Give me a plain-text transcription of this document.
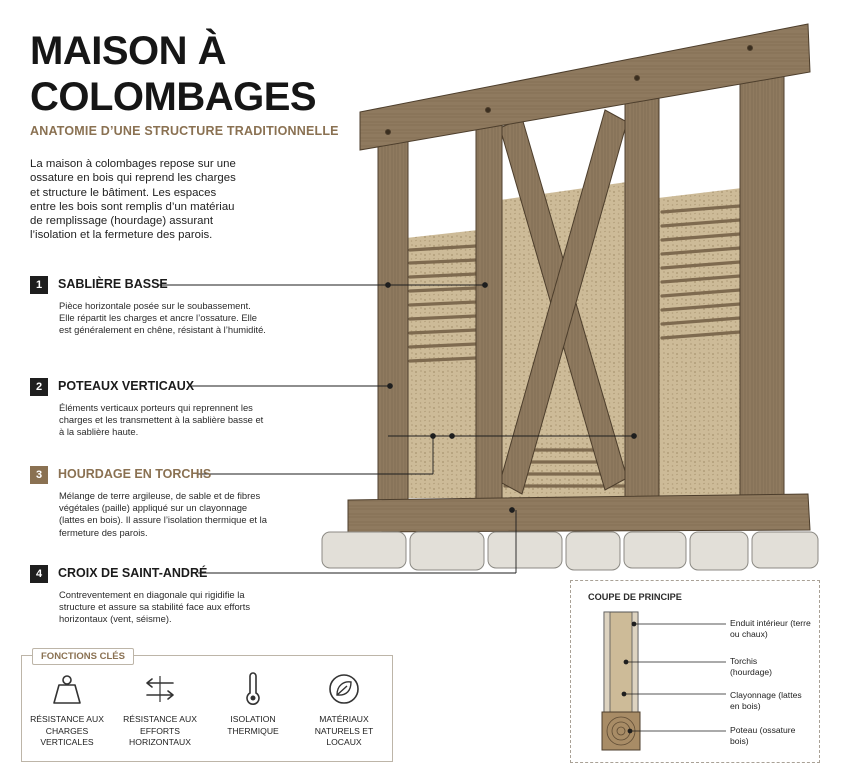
MAISON À
COLOMBAGES
ANATOMIE D’UNE STRUCTURE TRADITIONNELLE
La maison à colombages repose sur une ossature en bois qui reprend les charges et structure le bâtiment. Les espaces entre les bois sont remplis d’un matériau de remplissage (hourdage) assurant l’isolation et la fermeture des parois.
1	SABLIÈRE BASSE
Pièce horizontale posée sur le soubassement. Elle répartit les charges et ancre l’ossature. Elle est généralement en chêne, résistant à l’humidité.
2	POTEAUX VERTICAUX
Éléments verticaux porteurs qui reprennent les charges et les transmettent à la sablière basse et à la sablière haute.
3	HOURDAGE EN TORCHIS
Mélange de terre argileuse, de sable et de fibres végétales (paille) appliqué sur un clayonnage (lattes en bois). Il assure l’isolation thermique et la fermeture des parois.
4	CROIX DE SAINT-ANDRÉ
Contreventement en diagonale qui rigidifie la structure et assure sa stabilité face aux efforts horizontaux (vent, séisme).
FONCTIONS CLÉS
RÉSISTANCE AUX CHARGES VERTICALES
RÉSISTANCE AUX EFFORTS HORIZONTAUX
ISOLATION THERMIQUE
MATÉRIAUX NATURELS ET LOCAUX
COUPE DE PRINCIPE
Enduit intérieur (terre ou chaux)
Torchis (hourdage)
Clayonnage (lattes en bois)
Poteau (ossature bois)
